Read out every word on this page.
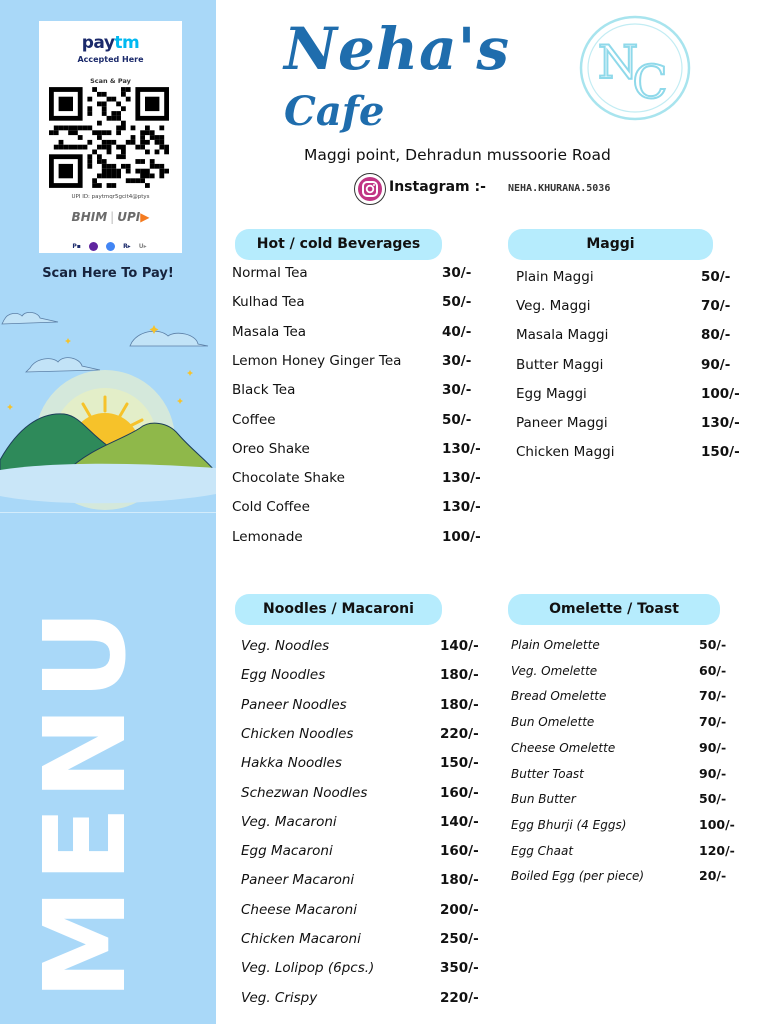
paytm
Accepted Here
Scan & Pay
UPI ID: paytmqr5gcit4@ptys
BHIM | UPI▶
P▪	R▸ U▸
Scan Here To Pay!
MENU
Neha's
Cafe
N
C
Maggi point, Dehradun mussoorie Road
Instagram :- NEHA.KHURANA.5036
Hot / cold Beverages
Normal Tea	30/-
Kulhad Tea	50/-
Masala Tea	40/-
Lemon Honey Ginger Tea	30/-
Black Tea	30/-
Coffee	50/-
Oreo Shake	130/-
Chocolate Shake	130/-
Cold Coffee	130/-
Lemonade	100/-
Maggi
Plain Maggi	50/-
Veg. Maggi	70/-
Masala Maggi	80/-
Butter Maggi	90/-
Egg Maggi	100/-
Paneer Maggi	130/-
Chicken Maggi	150/-
Noodles / Macaroni
Veg. Noodles	140/-
Egg Noodles	180/-
Paneer Noodles	180/-
Chicken Noodles	220/-
Hakka Noodles	150/-
Schezwan Noodles	160/-
Veg. Macaroni	140/-
Egg Macaroni	160/-
Paneer Macaroni	180/-
Cheese Macaroni	200/-
Chicken Macaroni	250/-
Veg. Lolipop (6pcs.)	350/-
Veg. Crispy	220/-
Omelette / Toast
Plain Omelette	50/-
Veg. Omelette	60/-
Bread Omelette	70/-
Bun Omelette	70/-
Cheese Omelette	90/-
Butter Toast	90/-
Bun Butter	50/-
Egg Bhurji (4 Eggs)	100/-
Egg Chaat	120/-
Boiled Egg (per piece)	20/-
